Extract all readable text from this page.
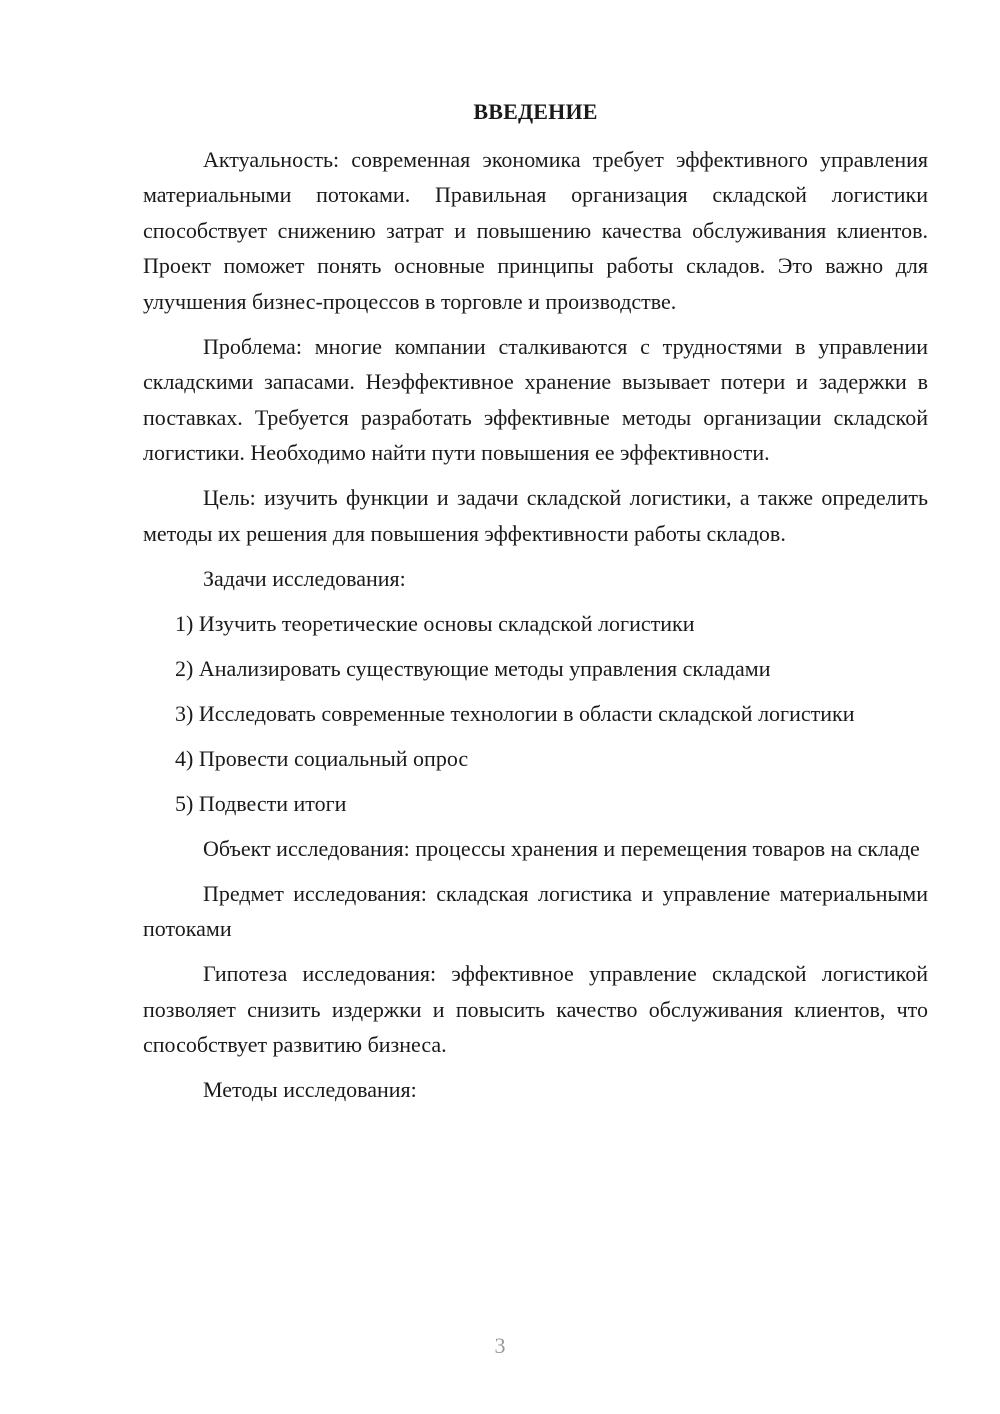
ВВЕДЕНИЕ

Актуальность: современная экономика требует эффективного управления материальными потоками. Правильная организация складской логистики способствует снижению затрат и повышению качества обслуживания клиентов. Проект поможет понять основные принципы работы складов. Это важно для улучшения бизнес-процессов в торговле и производстве.

Проблема: многие компании сталкиваются с трудностями в управлении складскими запасами. Неэффективное хранение вызывает потери и задержки в поставках. Требуется разработать эффективные методы организации складской логистики. Необходимо найти пути повышения ее эффективности.

Цель: изучить функции и задачи складской логистики, а также определить методы их решения для повышения эффективности работы складов.

Задачи исследования:

1) Изучить теоретические основы складской логистики

2) Анализировать существующие методы управления складами

3) Исследовать современные технологии в области складской логистики

4) Провести социальный опрос

5) Подвести итоги

Объект исследования: процессы хранения и перемещения товаров на складе

Предмет исследования: складская логистика и управление материальными потоками

Гипотеза исследования: эффективное управление складской логистикой позволяет снизить издержки и повысить качество обслуживания клиентов, что способствует развитию бизнеса.

Методы исследования:

3
